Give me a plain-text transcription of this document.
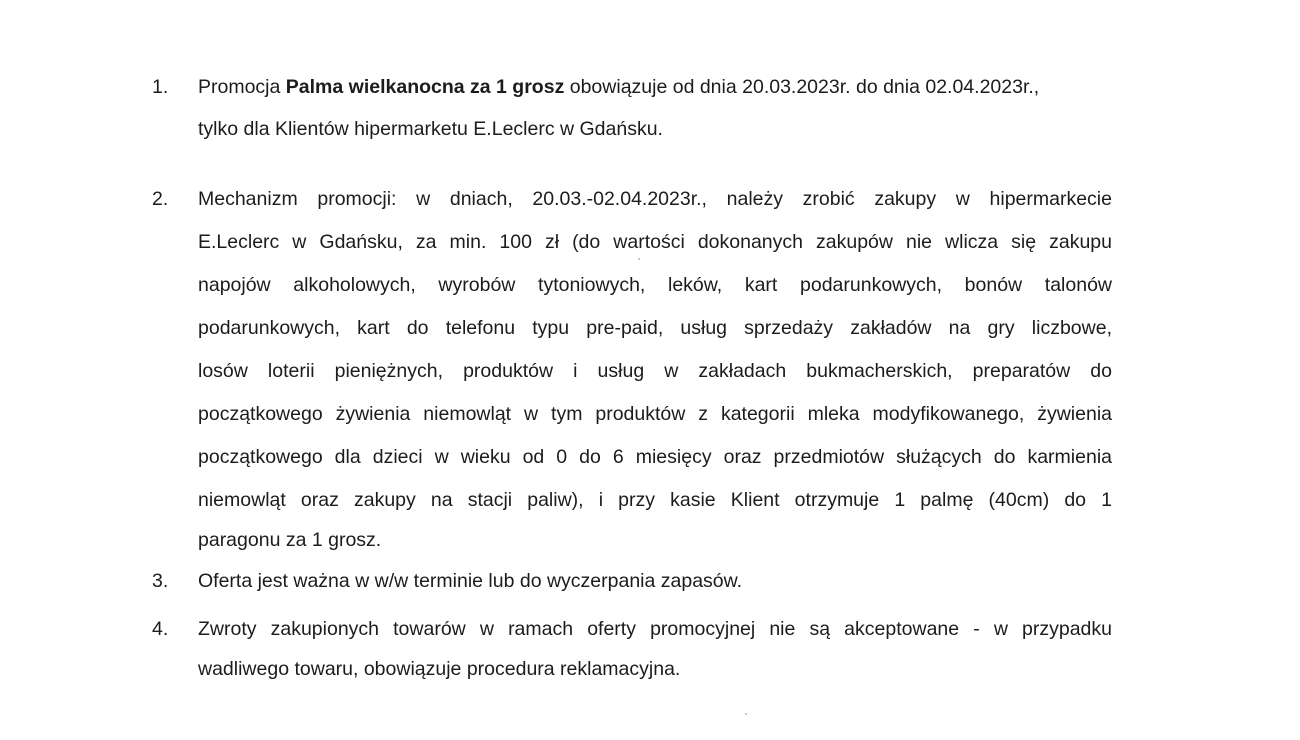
1. Promocja Palma wielkanocna za 1 grosz obowiązuje od dnia 20.03.2023r. do dnia 02.04.2023r.,
tylko dla Klientów hipermarketu E.Leclerc w Gdańsku.
2. Mechanizm promocji: w dniach, 20.03.-02.04.2023r., należy zrobić zakupy w hipermarkecie
E.Leclerc w Gdańsku, za min. 100 zł (do wartości dokonanych zakupów nie wlicza się zakupu
napojów alkoholowych, wyrobów tytoniowych, leków, kart podarunkowych, bonów talonów
podarunkowych, kart do telefonu typu pre-paid, usług sprzedaży zakładów na gry liczbowe,
losów loterii pieniężnych, produktów i usług w zakładach bukmacherskich, preparatów do
początkowego żywienia niemowląt w tym produktów z kategorii mleka modyfikowanego, żywienia
początkowego dla dzieci w wieku od 0 do 6 miesięcy oraz przedmiotów służących do karmienia
niemowląt oraz zakupy na stacji paliw), i przy kasie Klient otrzymuje 1 palmę (40cm) do 1
paragonu za 1 grosz.
3. Oferta jest ważna w w/w terminie lub do wyczerpania zapasów.
4. Zwroty zakupionych towarów w ramach oferty promocyjnej nie są akceptowane - w przypadku
wadliwego towaru, obowiązuje procedura reklamacyjna.
